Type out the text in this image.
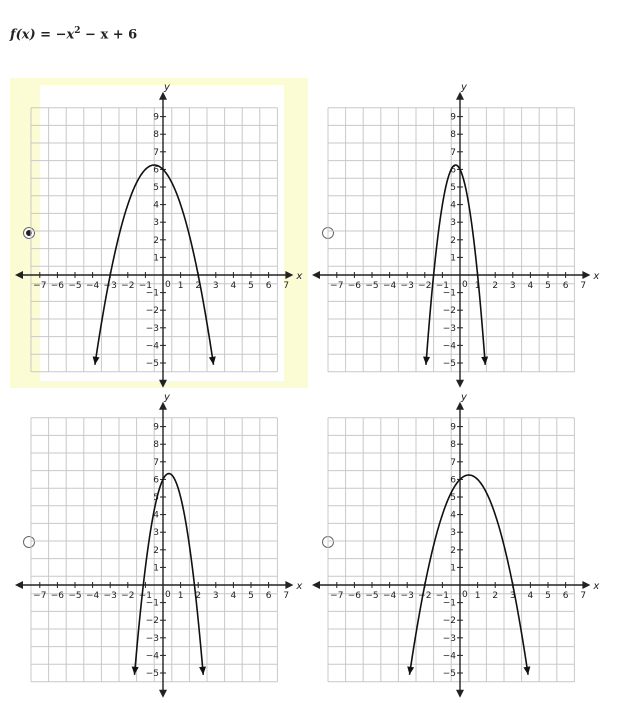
$f(x) = -x^2 - x + 6$
x
y
0
−7 −6 −5 −4 −3 −2 −1	1 2 3 4 5 6 7
9
8
7
6
5
4
3
2
1
−1
−2
−3
−4
−5
x
y
0
−7 −6 −5 −4 −3 −2 −1	1 2 3 4 5 6 7
9
8
7
6
5
4
3
2
1
−1
−2
−3
−4
−5
x
y
0
−7 −6 −5 −4 −3 −2 −1	1 2 3 4 5 6 7
9
8
7
6
5
4
3
2
1
−1
−2
−3
−4
−5
x
y
0
−7 −6 −5 −4 −3 −2 −1	1 2 3 4 5 6 7
9
8
7
6
5
4
3
2
1
−1
−2
−3
−4
−5
